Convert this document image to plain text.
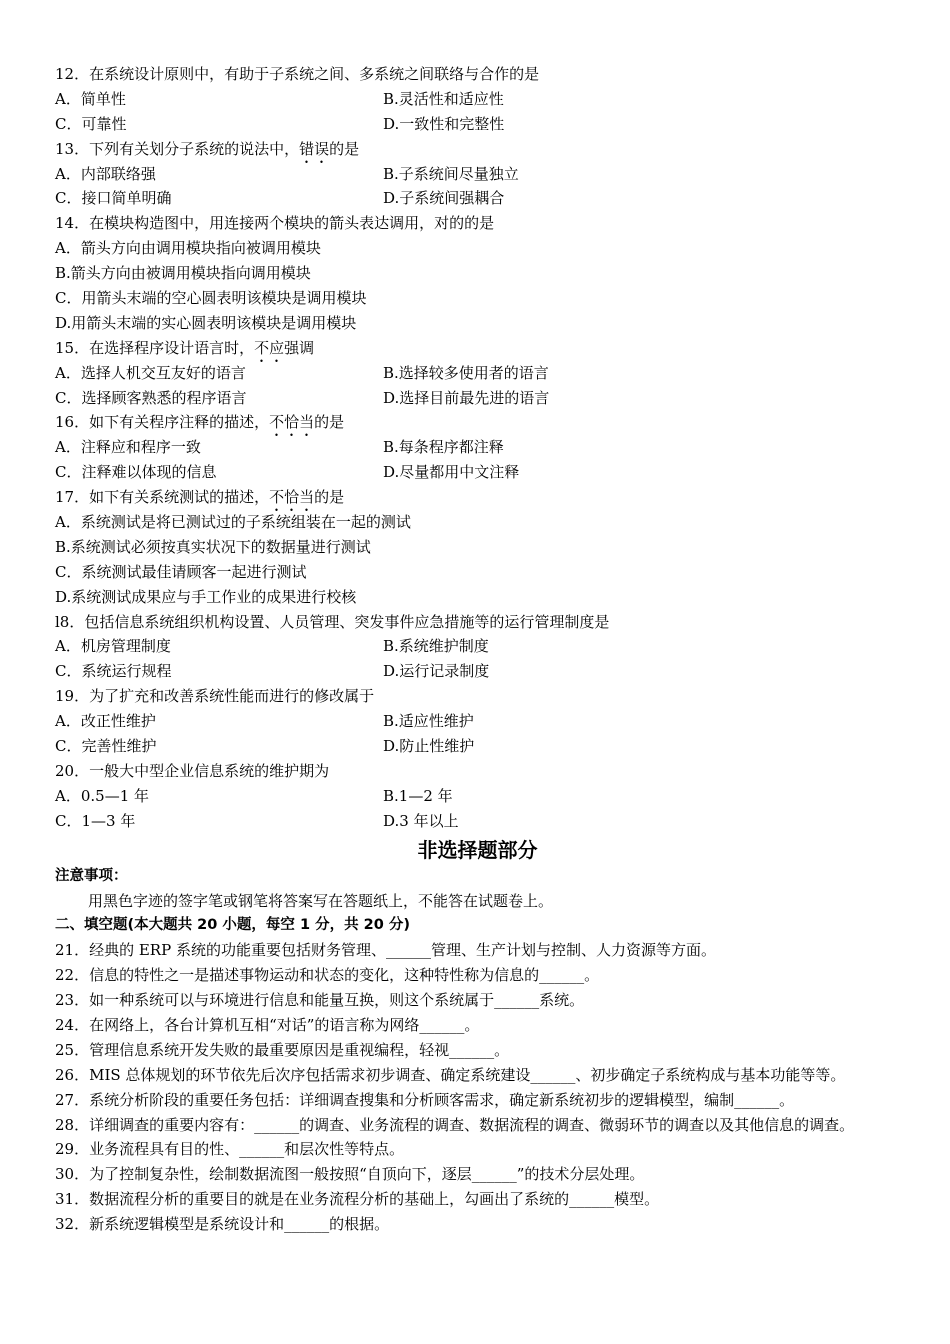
12．在系统设计原则中，有助于子系统之间、多系统之间联络与合作的是
A．简单性	B.灵活性和适应性
C．可靠性	D.一致性和完整性
13．下列有关划分子系统的说法中，错误的是
A．内部联络强	B.子系统间尽量独立
C．接口简单明确	D.子系统间强耦合
14．在模块构造图中，用连接两个模块的箭头表达调用，对的的是
A．箭头方向由调用模块指向被调用模块
B.箭头方向由被调用模块指向调用模块
C．用箭头末端的空心圆表明该模块是调用模块
D.用箭头末端的实心圆表明该模块是调用模块
15．在选择程序设计语言时，不应强调
A．选择人机交互友好的语言	B.选择较多使用者的语言
C．选择顾客熟悉的程序语言	D.选择目前最先进的语言
16．如下有关程序注释的描述，不恰当的是
A．注释应和程序一致	B.每条程序都注释
C．注释难以体现的信息	D.尽量都用中文注释
17．如下有关系统测试的描述，不恰当的是
A．系统测试是将已测试过的子系统组装在一起的测试
B.系统测试必须按真实状况下的数据量进行测试
C．系统测试最佳请顾客一起进行测试
D.系统测试成果应与手工作业的成果进行校核
l8．包括信息系统组织机构设置、人员管理、突发事件应急措施等的运行管理制度是
A．机房管理制度	B.系统维护制度
C．系统运行规程	D.运行记录制度
19．为了扩充和改善系统性能而进行的修改属于
A．改正性维护	B.适应性维护
C．完善性维护	D.防止性维护
20．一般大中型企业信息系统的维护期为
A．0.5—1 年	B.1—2 年
C．1—3 年	D.3 年以上
非选择题部分
注意事项：
用黑色字迹的签字笔或钢笔将答案写在答题纸上，不能答在试题卷上。
二、填空题(本大题共 20 小题，每空 1 分，共 20 分)
21．经典的 ERP 系统的功能重要包括财务管理、______管理、生产计划与控制、人力资源等方面。
22．信息的特性之一是描述事物运动和状态的变化，这种特性称为信息的______。
23．如一种系统可以与环境进行信息和能量互换，则这个系统属于______系统。
24．在网络上，各台计算机互相“对话”的语言称为网络______。
25．管理信息系统开发失败的最重要原因是重视编程，轻视______。
26．MIS 总体规划的环节依先后次序包括需求初步调查、确定系统建设______、初步确定子系统构成与基本功能等等。
27．系统分析阶段的重要任务包括：详细调查搜集和分析顾客需求，确定新系统初步的逻辑模型，编制______。
28．详细调查的重要内容有：______的调查、业务流程的调查、数据流程的调查、微弱环节的调查以及其他信息的调查。
29．业务流程具有目的性、______和层次性等特点。
30．为了控制复杂性，绘制数据流图一般按照“自顶向下，逐层______”的技术分层处理。
31．数据流程分析的重要目的就是在业务流程分析的基础上，勾画出了系统的______模型。
32．新系统逻辑模型是系统设计和______的根据。
